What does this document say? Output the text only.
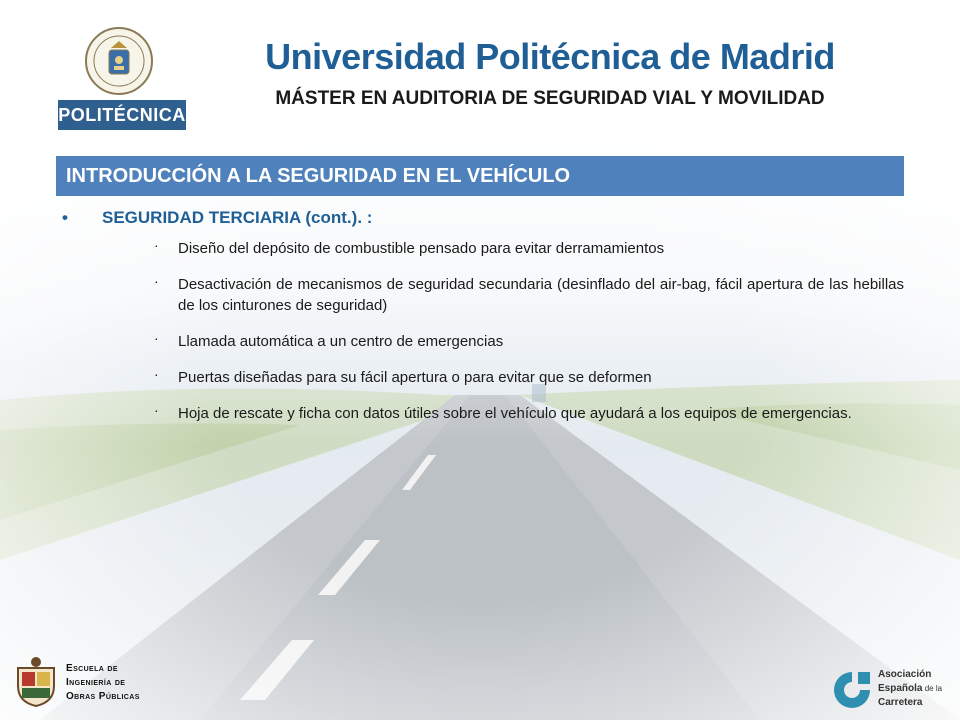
POLITÉCNICA
Universidad Politécnica de Madrid
MÁSTER EN AUDITORIA DE SEGURIDAD VIAL Y MOVILIDAD
INTRODUCCIÓN A LA SEGURIDAD EN EL VEHÍCULO
• SEGURIDAD TERCIARIA (cont.). :
· Diseño del depósito de combustible pensado para evitar derramamientos
· Desactivación de mecanismos de seguridad secundaria (desinflado del air-bag, fácil apertura de las hebillas de los cinturones de seguridad)
· Llamada automática a un centro de emergencias
· Puertas diseñadas para su fácil apertura o para evitar que se deformen
· Hoja de rescate y ficha con datos útiles sobre el vehículo que ayudará a los equipos de emergencias.
Escuela de
Ingeniería de
Obras Públicas
Asociación
Española de la
Carretera
